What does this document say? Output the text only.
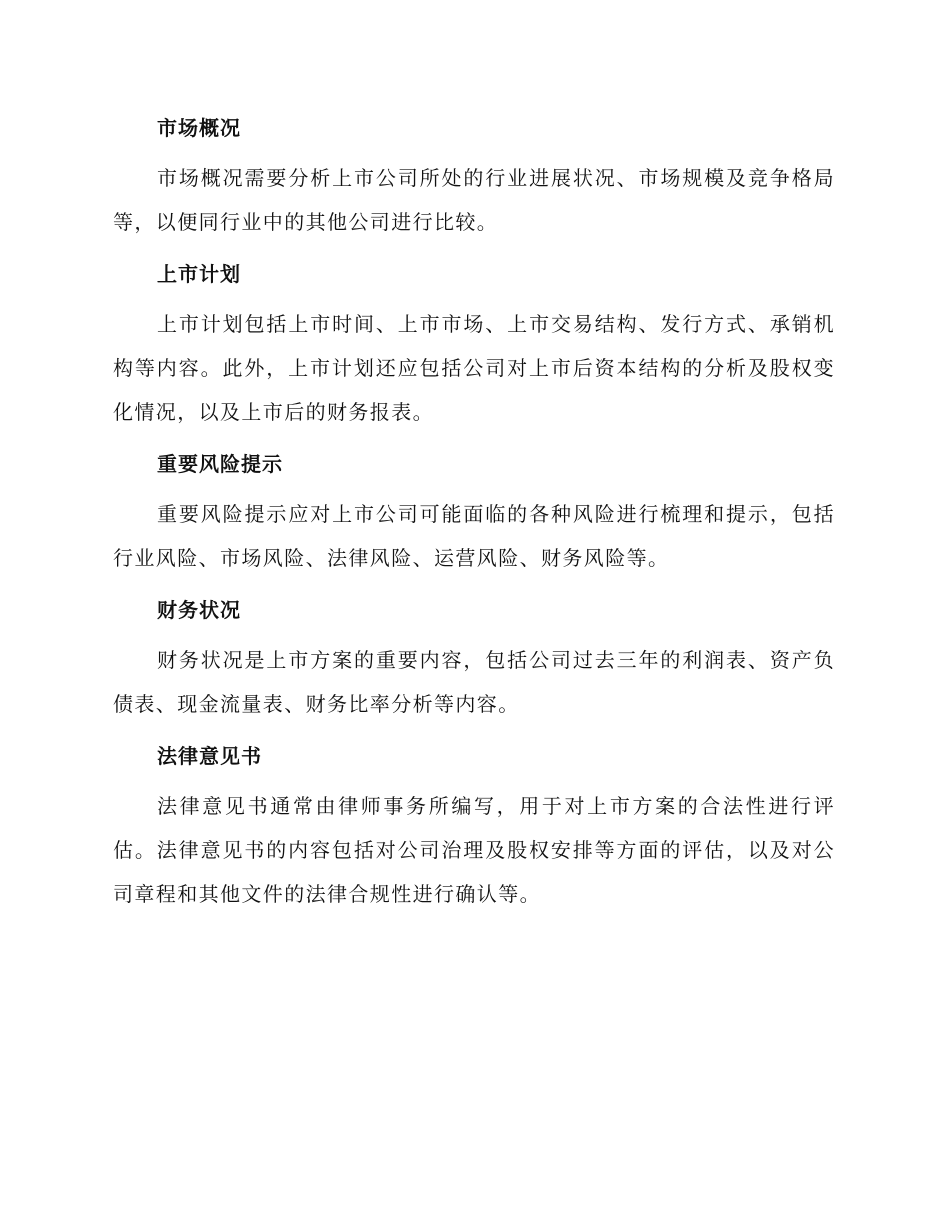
市场概况

市场概况需要分析上市公司所处的行业进展状况、市场规模及竞争格局等，以便同行业中的其他公司进行比较。

上市计划

上市计划包括上市时间、上市市场、上市交易结构、发行方式、承销机构等内容。此外，上市计划还应包括公司对上市后资本结构的分析及股权变化情况，以及上市后的财务报表。

重要风险提示

重要风险提示应对上市公司可能面临的各种风险进行梳理和提示，包括行业风险、市场风险、法律风险、运营风险、财务风险等。

财务状况

财务状况是上市方案的重要内容，包括公司过去三年的利润表、资产负债表、现金流量表、财务比率分析等内容。

法律意见书

法律意见书通常由律师事务所编写，用于对上市方案的合法性进行评估。法律意见书的内容包括对公司治理及股权安排等方面的评估，以及对公司章程和其他文件的法律合规性进行确认等。
